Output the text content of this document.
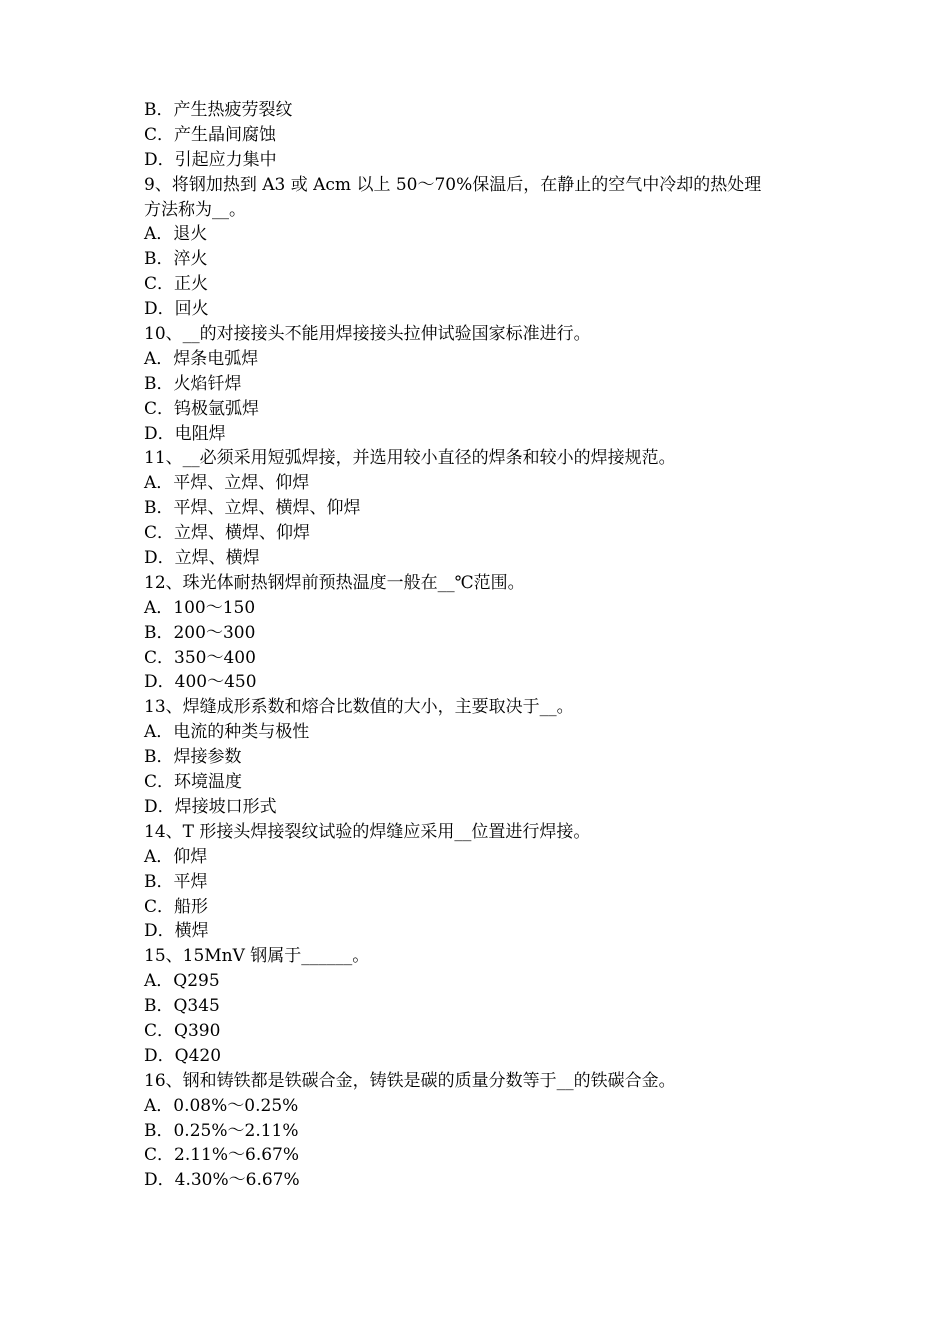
B．产生热疲劳裂纹
C．产生晶间腐蚀
D．引起应力集中
9、将钢加热到 A3 或 Acm 以上 50～70%保温后，在静止的空气中冷却的热处理
方法称为__。
A．退火
B．淬火
C．正火
D．回火
10、__的对接接头不能用焊接接头拉伸试验国家标准进行。
A．焊条电弧焊
B．火焰钎焊
C．钨极氩弧焊
D．电阻焊
11、__必须采用短弧焊接，并选用较小直径的焊条和较小的焊接规范。
A．平焊、立焊、仰焊
B．平焊、立焊、横焊、仰焊
C．立焊、横焊、仰焊
D．立焊、横焊
12、珠光体耐热钢焊前预热温度一般在__℃范围。
A．100～150
B．200～300
C．350～400
D．400～450
13、焊缝成形系数和熔合比数值的大小，主要取决于__。
A．电流的种类与极性
B．焊接参数
C．环境温度
D．焊接坡口形式
14、T 形接头焊接裂纹试验的焊缝应采用__位置进行焊接。
A．仰焊
B．平焊
C．船形
D．横焊
15、15MnV 钢属于______。
A．Q295
B．Q345
C．Q390
D．Q420
16、钢和铸铁都是铁碳合金，铸铁是碳的质量分数等于__的铁碳合金。
A．0.08%～0.25%
B．0.25%～2.11%
C．2.11%～6.67%
D．4.30%～6.67%
